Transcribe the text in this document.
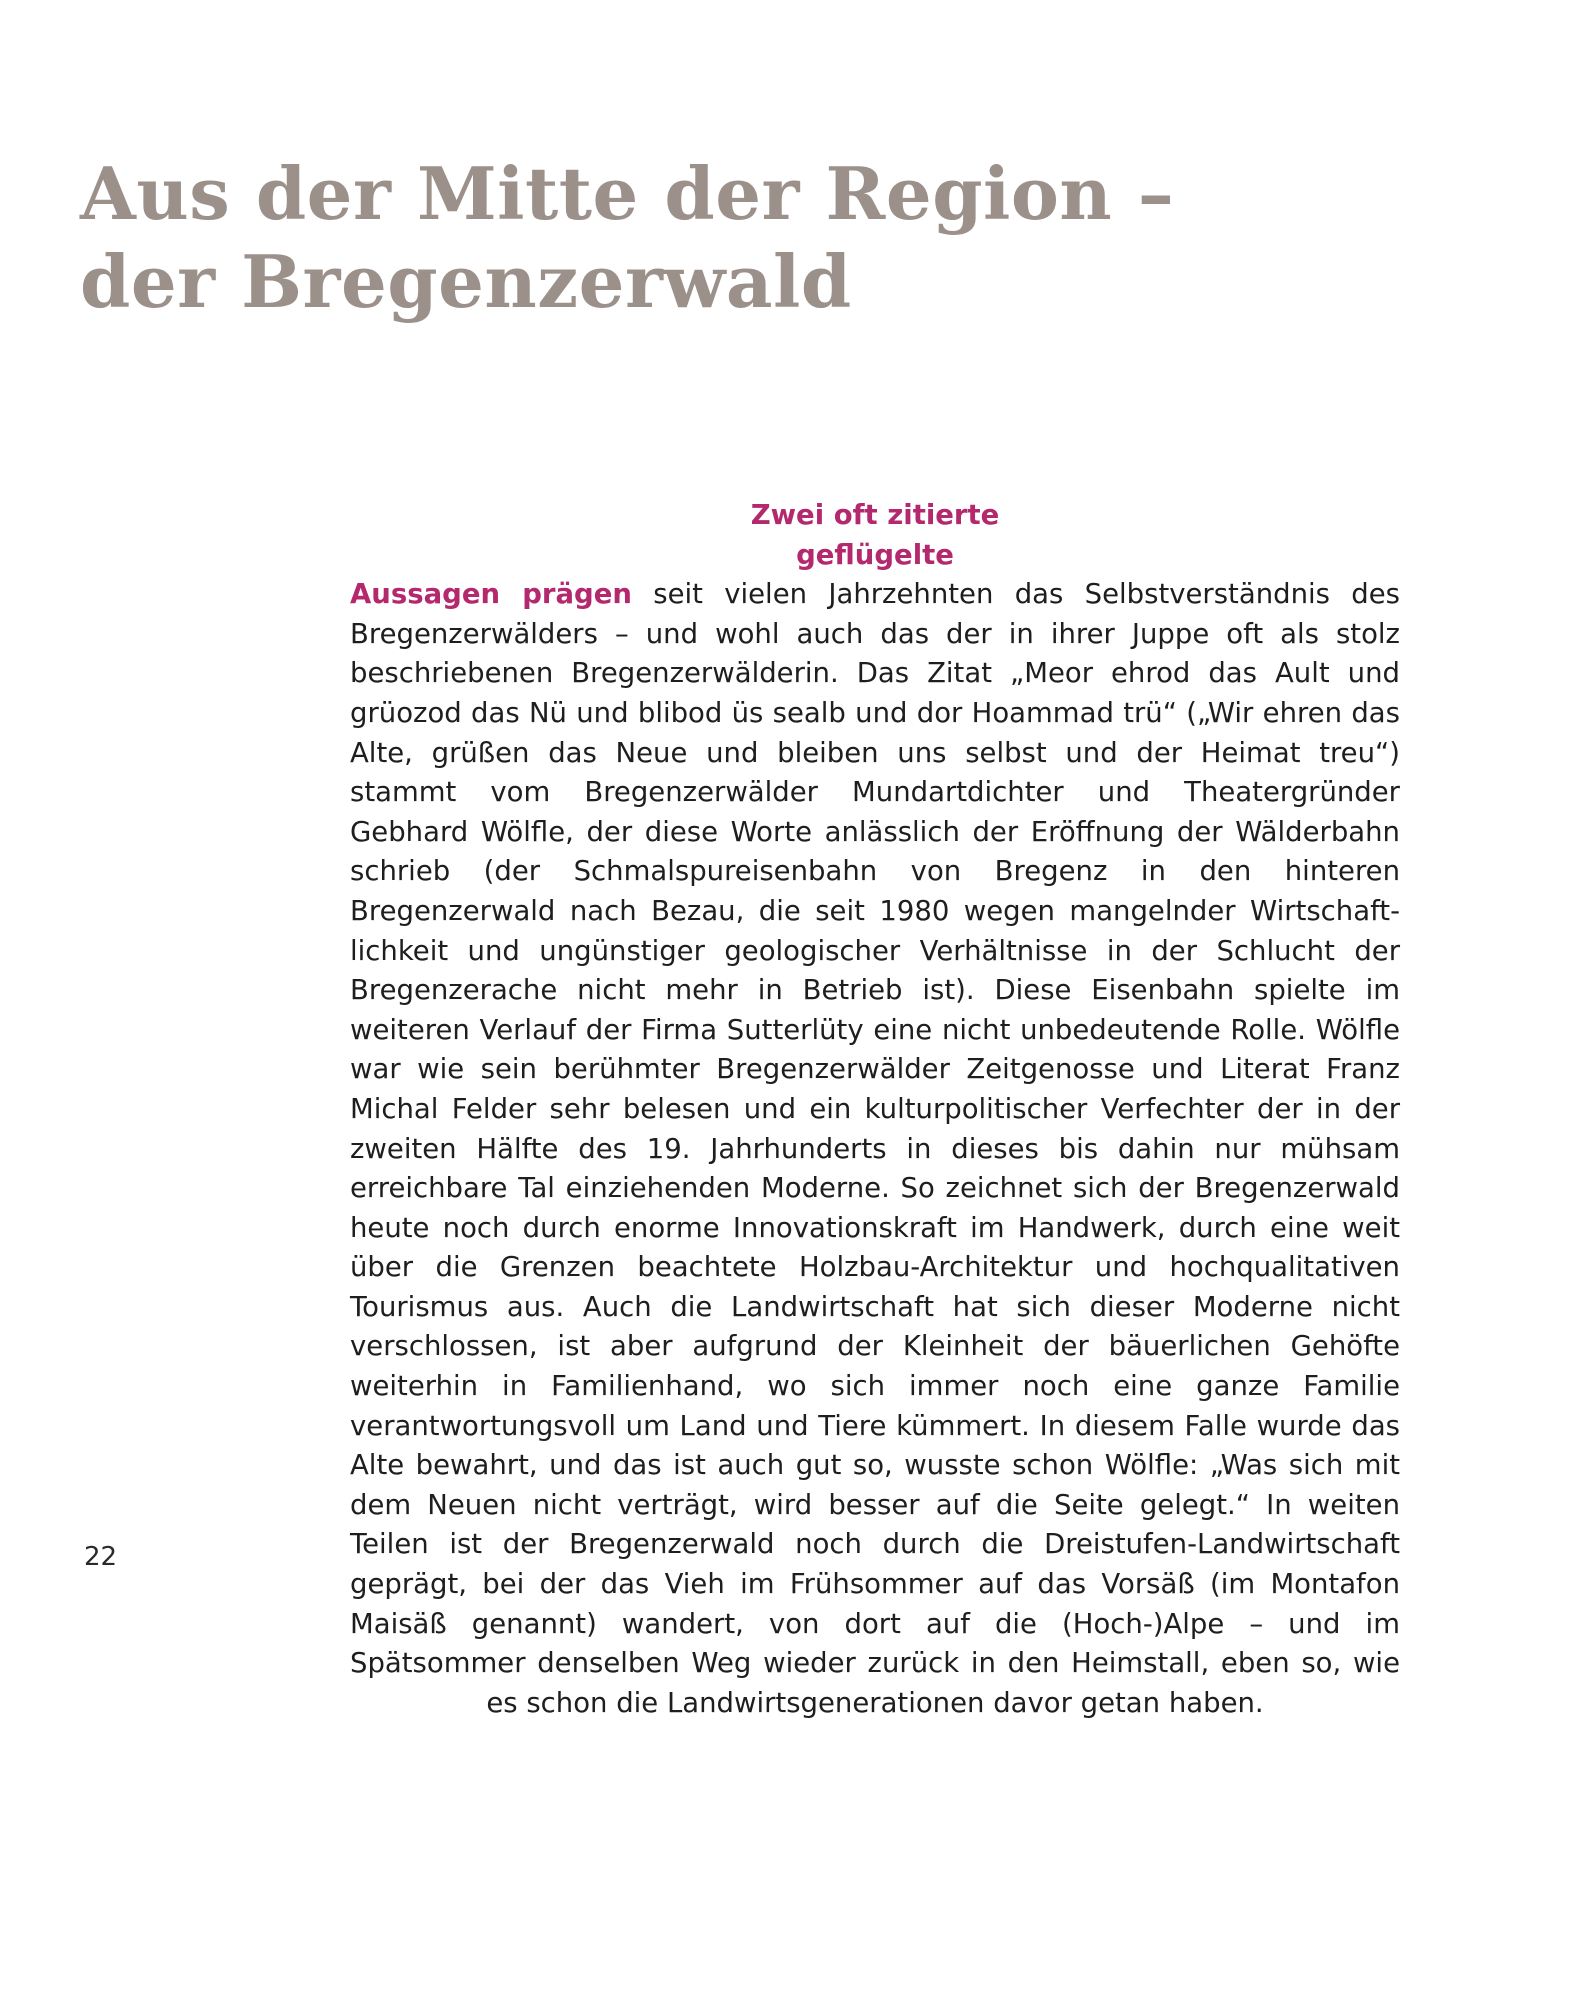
Aus der Mitte der Region –
der Bregenzerwald

Zwei oft zitierte
geflügelte
Aussagen prägen seit vielen Jahrzehnten das Selbstverständnis des Bregenzerwälders – und wohl auch das der in ihrer Juppe oft als stolz beschriebenen Bregenzerwälderin. Das Zitat „Meor ehrod das Ault und grüozod das Nü und blibod üs sealb und dor Hoammad trü“ („Wir ehren das Alte, grüßen das Neue und bleiben uns selbst und der Heimat treu“) stammt vom Bregenzerwälder Mundartdichter und Theatergründer Gebhard Wölfle, der diese Worte anlässlich der Eröffnung der Wälderbahn schrieb (der Schmalspureisenbahn von Bregenz in den hinteren Bregenzerwald nach Bezau, die seit 1980 wegen mangelnder Wirtschaftlichkeit und ungünstiger geologischer Verhältnisse in der Schlucht der Bregenzerache nicht mehr in Betrieb ist). Diese Eisenbahn spielte im weiteren Verlauf der Firma Sutterlüty eine nicht unbedeutende Rolle. Wölfle war wie sein berühmter Bregenzerwälder Zeitgenosse und Literat Franz Michal Felder sehr belesen und ein kulturpolitischer Verfechter der in der zweiten Hälfte des 19. Jahrhunderts in dieses bis dahin nur mühsam erreichbare Tal einziehenden Moderne. So zeichnet sich der Bregenzerwald heute noch durch enorme Innovationskraft im Handwerk, durch eine weit über die Grenzen beachtete Holzbau-Architektur und hochqualitativen Tourismus aus. Auch die Landwirtschaft hat sich dieser Moderne nicht verschlossen, ist aber aufgrund der Kleinheit der bäuerlichen Gehöfte weiterhin in Familienhand, wo sich immer noch eine ganze Familie verantwortungsvoll um Land und Tiere kümmert. In diesem Falle wurde das Alte bewahrt, und das ist auch gut so, wusste schon Wölfle: „Was sich mit dem Neuen nicht verträgt, wird besser auf die Seite gelegt.“ In weiten Teilen ist der Bregenzerwald noch durch die Dreistufen-Landwirtschaft geprägt, bei der das Vieh im Frühsommer auf das Vorsäß (im Montafon Maisäß genannt) wandert, von dort auf die (Hoch-)Alpe – und im Spätsommer denselben Weg wieder zurück in den Heimstall, eben so, wie es schon die Landwirtsgenerationen davor getan haben.

22
